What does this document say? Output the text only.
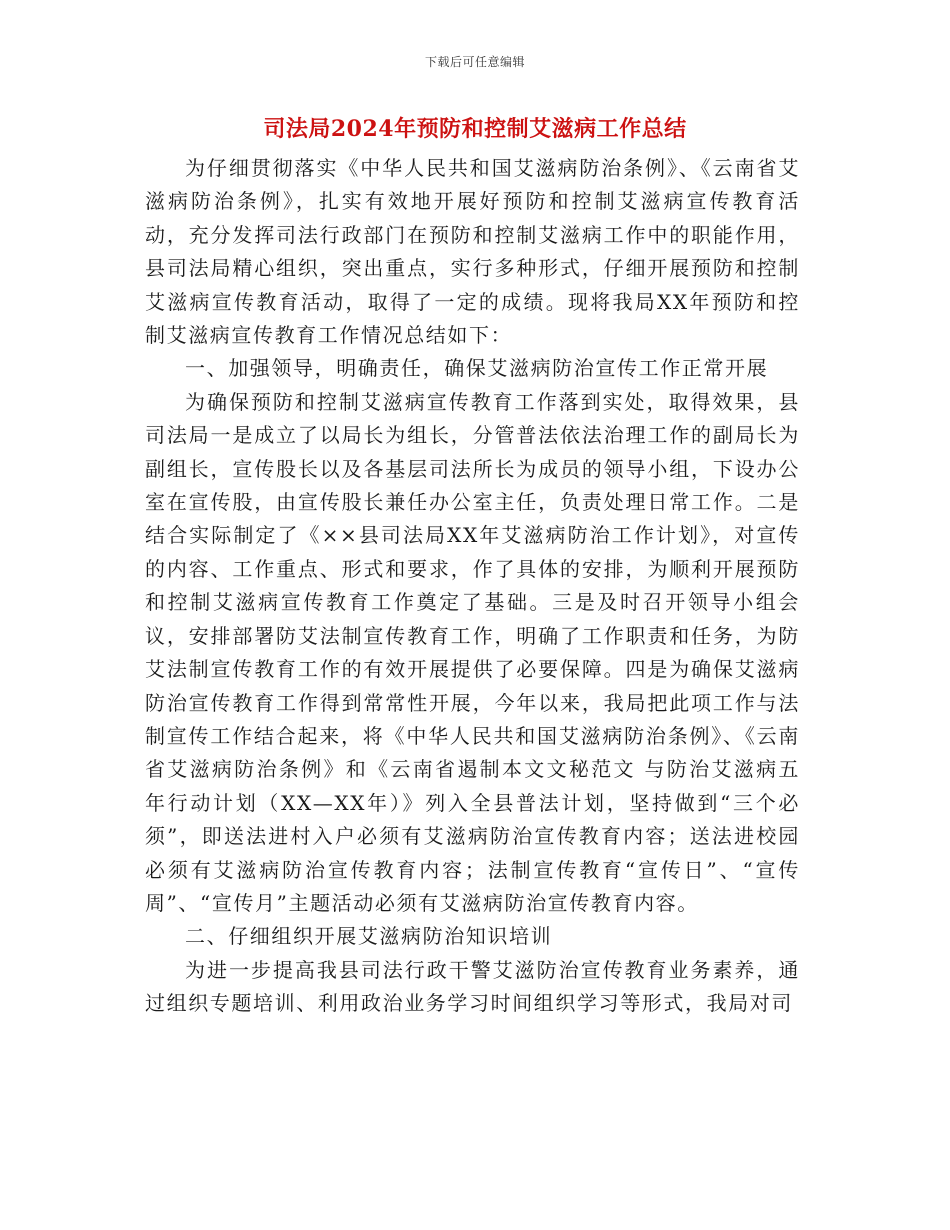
下载后可任意编辑
司法局2024年预防和控制艾滋病工作总结

为仔细贯彻落实《中华人民共和国艾滋病防治条例》、《云南省艾滋病防治条例》，扎实有效地开展好预防和控制艾滋病宣传教育活动，充分发挥司法行政部门在预防和控制艾滋病工作中的职能作用，县司法局精心组织，突出重点，实行多种形式，仔细开展预防和控制艾滋病宣传教育活动，取得了一定的成绩。现将我局XX年预防和控制艾滋病宣传教育工作情况总结如下：

一、加强领导，明确责任，确保艾滋病防治宣传工作正常开展

为确保预防和控制艾滋病宣传教育工作落到实处，取得效果，县司法局一是成立了以局长为组长，分管普法依法治理工作的副局长为副组长，宣传股长以及各基层司法所长为成员的领导小组，下设办公室在宣传股，由宣传股长兼任办公室主任，负责处理日常工作。二是结合实际制定了《××县司法局XX年艾滋病防治工作计划》，对宣传的内容、工作重点、形式和要求，作了具体的安排，为顺利开展预防和控制艾滋病宣传教育工作奠定了基础。三是及时召开领导小组会议，安排部署防艾法制宣传教育工作，明确了工作职责和任务，为防艾法制宣传教育工作的有效开展提供了必要保障。四是为确保艾滋病防治宣传教育工作得到常常性开展，今年以来，我局把此项工作与法制宣传工作结合起来，将《中华人民共和国艾滋病防治条例》、《云南省艾滋病防治条例》和《云南省遏制本文文秘范文 与防治艾滋病五年行动计划（XX—XX年）》列入全县普法计划，坚持做到“三个必须”，即送法进村入户必须有艾滋病防治宣传教育内容；送法进校园必须有艾滋病防治宣传教育内容；法制宣传教育“宣传日”、“宣传周”、“宣传月”主题活动必须有艾滋病防治宣传教育内容。

二、仔细组织开展艾滋病防治知识培训

为进一步提高我县司法行政干警艾滋防治宣传教育业务素养，通过组织专题培训、利用政治业务学习时间组织学习等形式，我局对司
